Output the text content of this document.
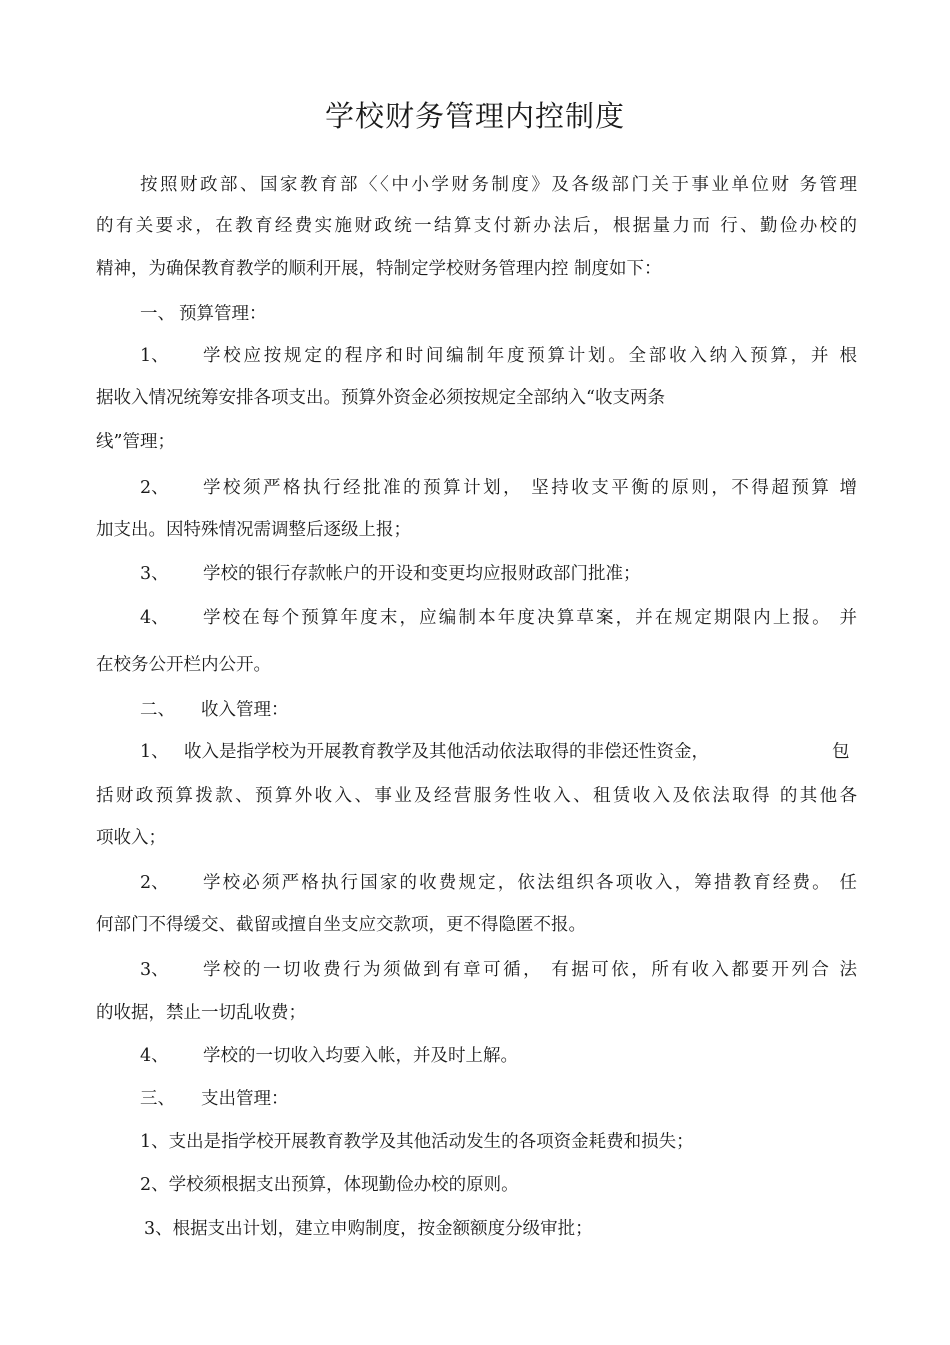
学校财务管理内控制度
按照财政部、国家教育部〈〈中小学财务制度》及各级部门关于事业单位财 务管理
的有关要求，在教育经费实施财政统一结算支付新办法后，根据量力而 行、勤俭办校的
精神，为确保教育教学的顺利开展，特制定学校财务管理内控 制度如下：
一、 预算管理：
1、 学校应按规定的程序和时间编制年度预算计划。全部收入纳入预算，并 根
据收入情况统筹安排各项支出。预算外资金必须按规定全部纳入“收支两条
线”管理；
2、 学校须严格执行经批准的预算计划， 坚持收支平衡的原则，不得超预算 增
加支出。因特殊情况需调整后逐级上报；
3、 学校的银行存款帐户的开设和变更均应报财政部门批准；
4、 学校在每个预算年度末，应编制本年度决算草案，并在规定期限内上报。 并
在校务公开栏内公开。
二、 收入管理：
1、 收入是指学校为开展教育教学及其他活动依法取得的非偿还性资金，	包
括财政预算拨款、预算外收入、事业及经营服务性收入、租赁收入及依法取得 的其他各
项收入；
2、 学校必须严格执行国家的收费规定，依法组织各项收入，筹措教育经费。 任
何部门不得缓交、截留或擅自坐支应交款项，更不得隐匿不报。
3、 学校的一切收费行为须做到有章可循， 有据可依，所有收入都要开列合 法
的收据，禁止一切乱收费；
4、 学校的一切收入均要入帐，并及时上解。
三、 支出管理：
1、支出是指学校开展教育教学及其他活动发生的各项资金耗费和损失；
2、学校须根据支出预算，体现勤俭办校的原则。
3、根据支出计划，建立申购制度，按金额额度分级审批；
